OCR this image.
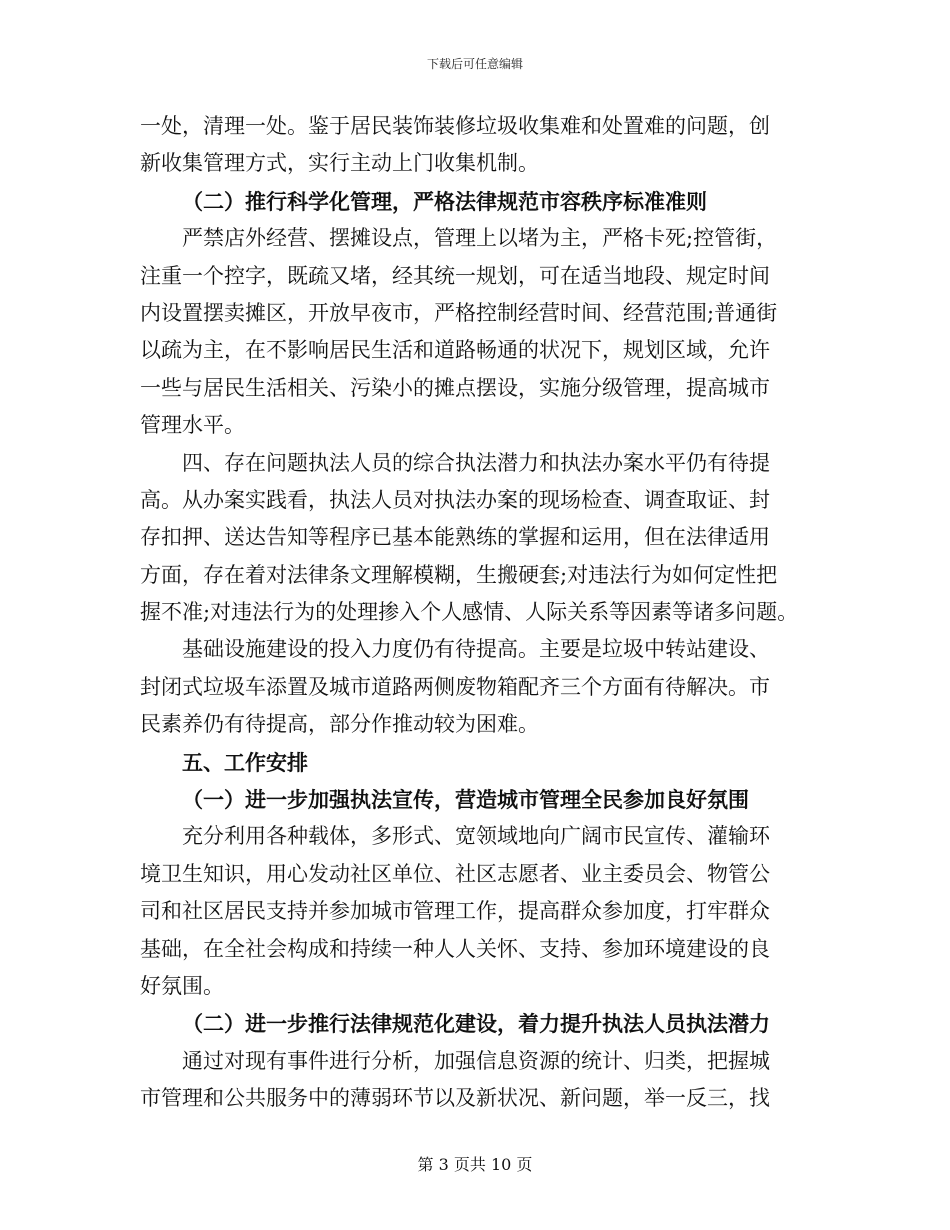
下载后可任意编辑
一处，清理一处。鉴于居民装饰装修垃圾收集难和处置难的问题，创
新收集管理方式，实行主动上门收集机制。
（二）推行科学化管理，严格法律规范市容秩序标准准则
严禁店外经营、摆摊设点，管理上以堵为主，严格卡死;控管街，
注重一个控字，既疏又堵，经其统一规划，可在适当地段、规定时间
内设置摆卖摊区，开放早夜市，严格控制经营时间、经营范围;普通街
以疏为主，在不影响居民生活和道路畅通的状况下，规划区域，允许
一些与居民生活相关、污染小的摊点摆设，实施分级管理，提高城市
管理水平。
四、存在问题执法人员的综合执法潜力和执法办案水平仍有待提
高。从办案实践看，执法人员对执法办案的现场检查、调查取证、封
存扣押、送达告知等程序已基本能熟练的掌握和运用，但在法律适用
方面，存在着对法律条文理解模糊，生搬硬套;对违法行为如何定性把
握不准;对违法行为的处理掺入个人感情、人际关系等因素等诸多问题。
基础设施建设的投入力度仍有待提高。主要是垃圾中转站建设、
封闭式垃圾车添置及城市道路两侧废物箱配齐三个方面有待解决。市
民素养仍有待提高，部分作推动较为困难。
五、工作安排
（一）进一步加强执法宣传，营造城市管理全民参加良好氛围
充分利用各种载体，多形式、宽领域地向广阔市民宣传、灌输环
境卫生知识，用心发动社区单位、社区志愿者、业主委员会、物管公
司和社区居民支持并参加城市管理工作，提高群众参加度，打牢群众
基础，在全社会构成和持续一种人人关怀、支持、参加环境建设的良
好氛围。
（二）进一步推行法律规范化建设，着力提升执法人员执法潜力
通过对现有事件进行分析，加强信息资源的统计、归类，把握城
市管理和公共服务中的薄弱环节以及新状况、新问题，举一反三，找
第 3 页共 10 页
